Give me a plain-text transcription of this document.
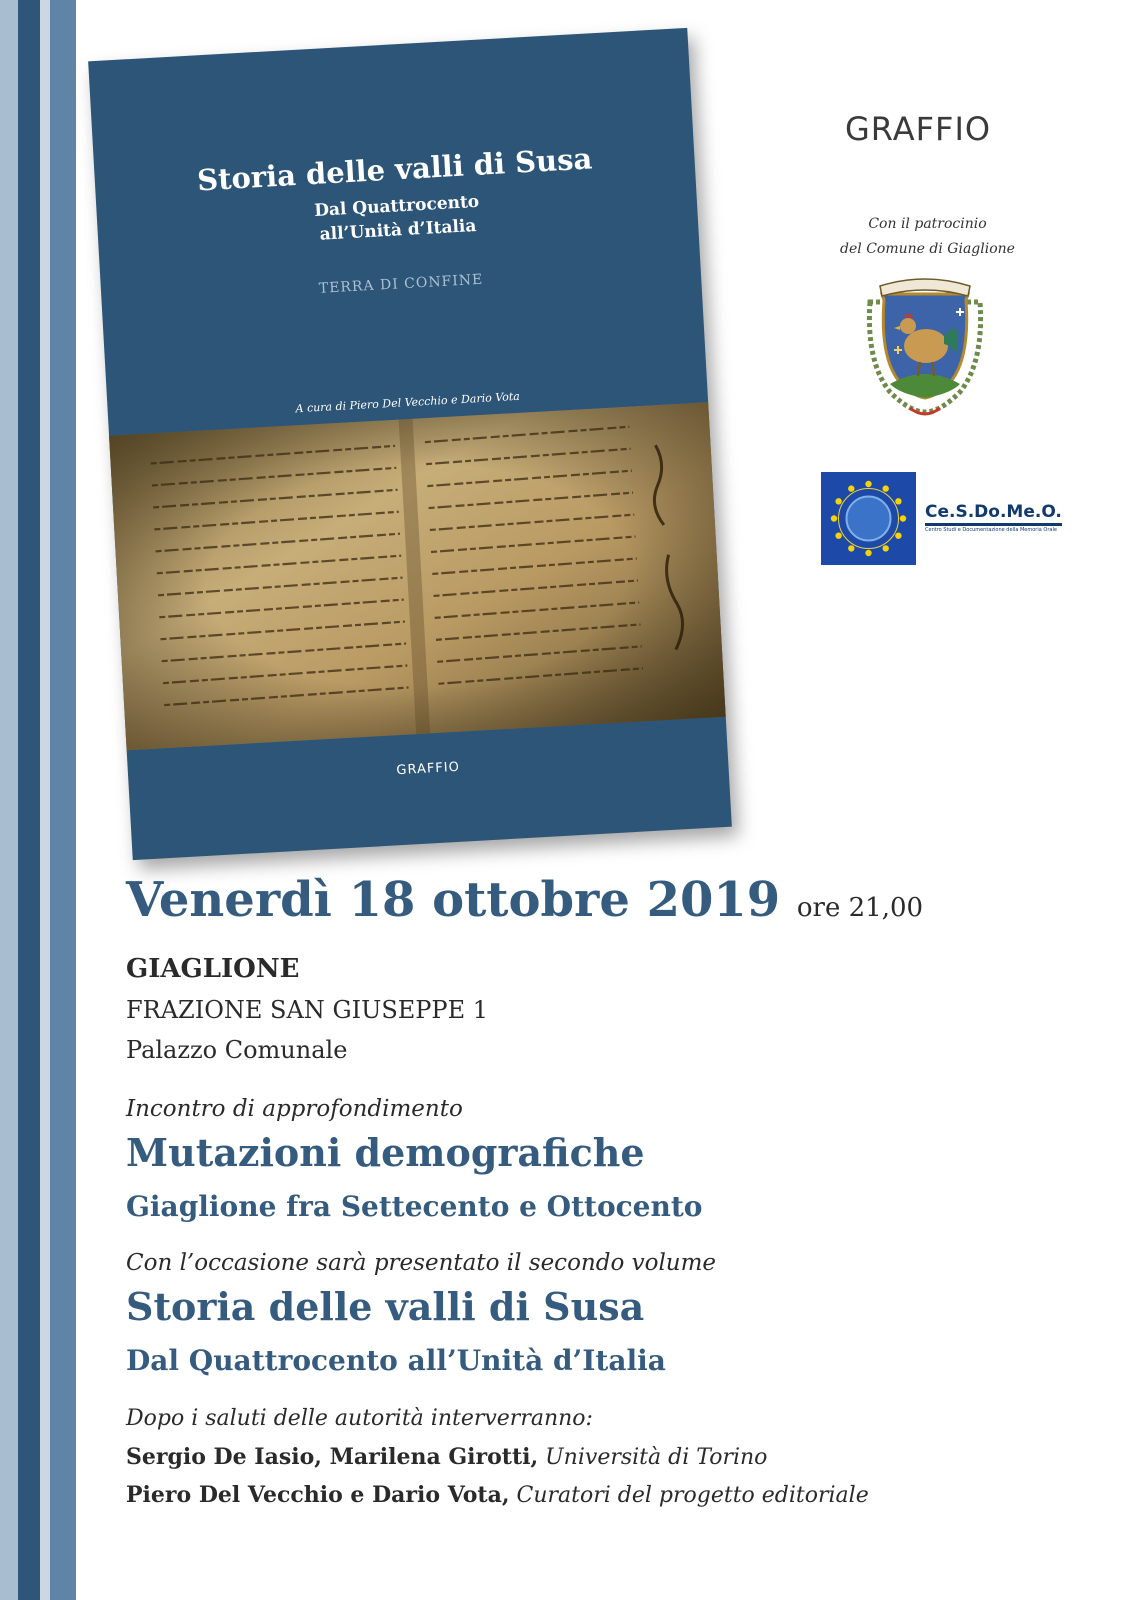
Storia delle valli di Susa
Dal Quattrocento
all’Unità d’Italia
TERRA DI CONFINE
A cura di Piero Del Vecchio e Dario Vota
GRAFFIO
GRAFFIO
Con il patrocinio
del Comune di Giaglione
Ce.S.Do.Me.O.
Centro Studi e Documentazione della Memoria Orale
Venerdì 18 ottobre 2019 ore 21,00
GIAGLIONE
FRAZIONE SAN GIUSEPPE 1
Palazzo Comunale
Incontro di approfondimento
Mutazioni demografiche
Giaglione fra Settecento e Ottocento
Con l’occasione sarà presentato il secondo volume
Storia delle valli di Susa
Dal Quattrocento all’Unità d’Italia
Dopo i saluti delle autorità interverranno:
Sergio De Iasio, Marilena Girotti, Università di Torino
Piero Del Vecchio e Dario Vota, Curatori del progetto editoriale
